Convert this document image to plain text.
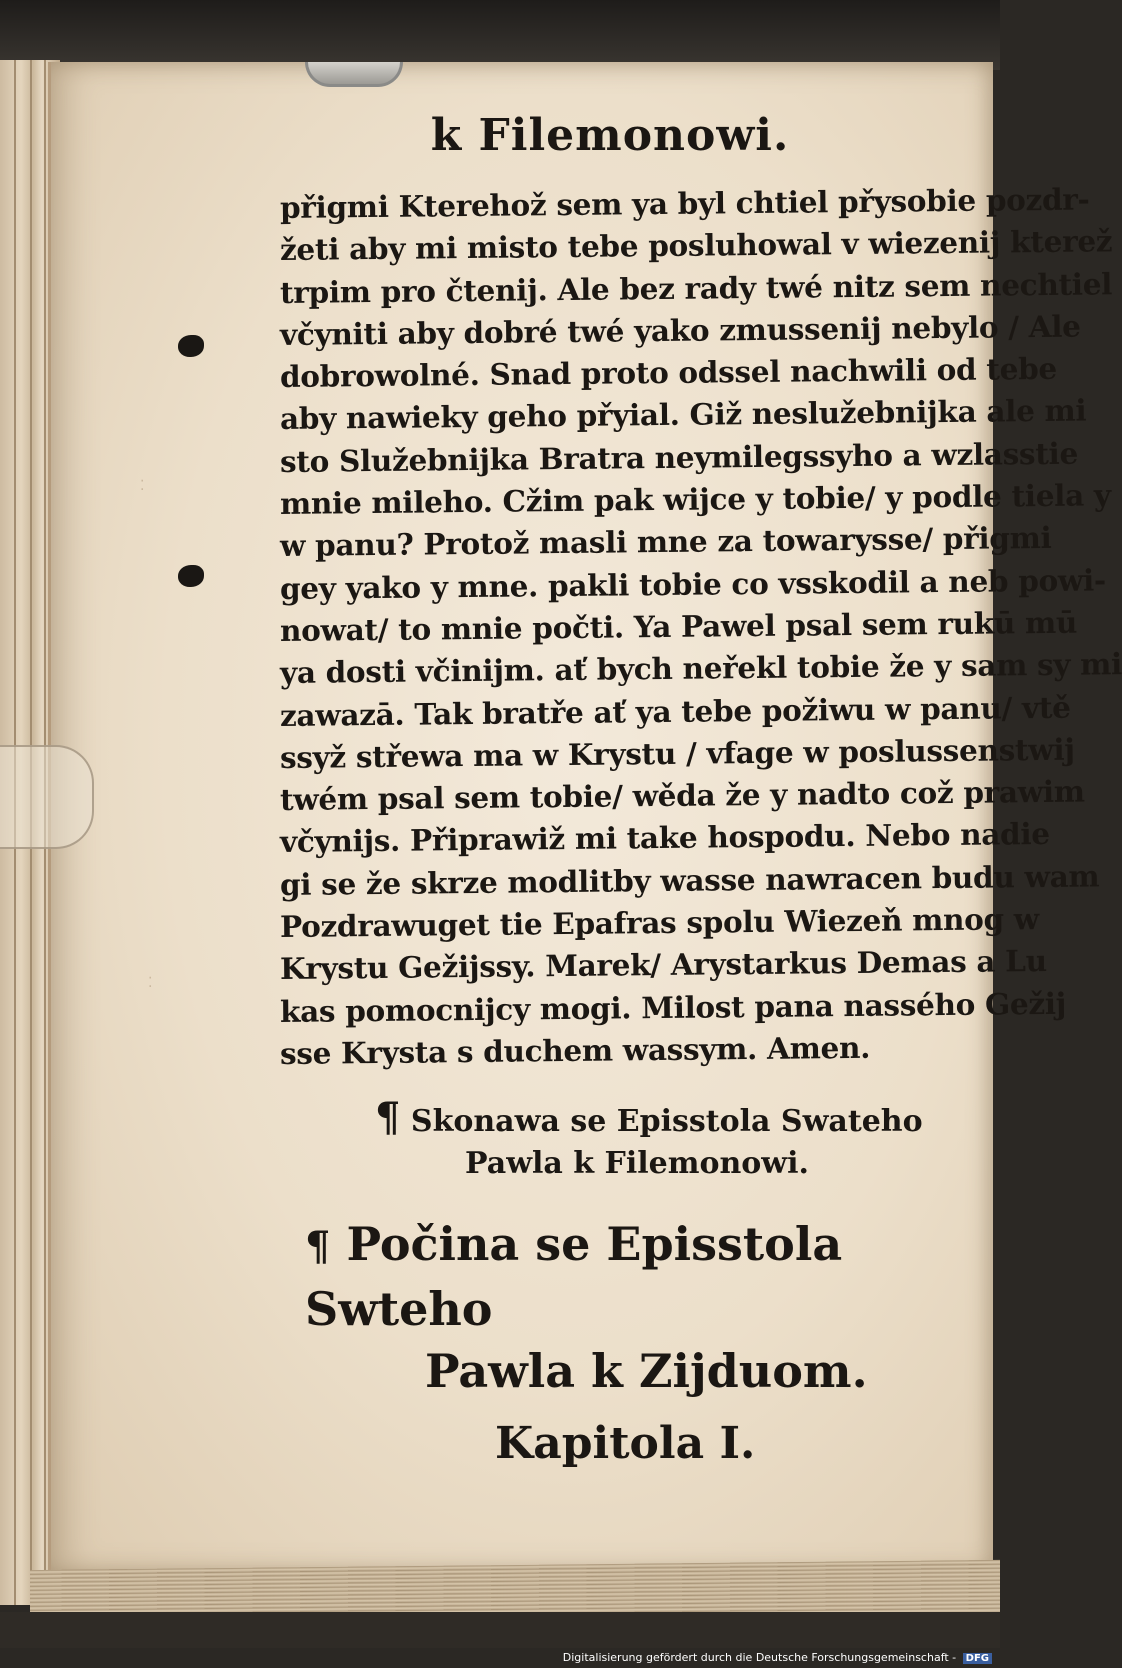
⁚
⁚
k Filemonowi.
přigmi Kterehož sem ya byl chtiel přysobie pozdr-
žeti aby mi misto tebe posluhowal v wiezenij kterež
trpim pro čtenij. Ale bez rady twé nitz sem nechtiel
včyniti aby dobré twé yako zmussenij nebylo / Ale
dobrowolné. Snad proto odssel nachwili od tebe
aby nawieky geho přyial. Giž neslužebnijka ale mi
sto Služebnijka Bratra neymilegssyho a wzlasstie
mnie mileho. Cžim pak wijce y tobie/ y podle tiela y
w panu? Protož masli mne za towarysse/ přigmi
gey yako y mne. pakli tobie co vsskodil a neb powi-
nowat/ to mnie počti. Ya Pawel psal sem rukū mū
ya dosti včinijm. ať bych neřekl tobie že y sam sy mi
zawazā. Tak bratře ať ya tebe požiwu w panu/ vtě
ssyž střewa ma w Krystu / vfage w poslussenstwij
twém psal sem tobie/ wěda že y nadto což prawim
včynijs. Připrawiž mi take hospodu. Nebo nadie
gi se že skrze modlitby wasse nawracen budu wam
Pozdrawuget tie Epafras spolu Wiezeň mnog w
Krystu Gežijssy. Marek/ Arystarkus Demas a Lu
kas pomocnijcy mogi. Milost pana nassého Gežij
sse Krysta s duchem wassym. Amen.
¶ Skonawa se Episstola Swateho
Pawla k Filemonowi.
¶ Počina se Episstola Swteho
Pawla k Zijduom.
Kapitola I.
Digitalisierung gefördert durch die Deutsche Forschungsgemeinschaft - DFG
